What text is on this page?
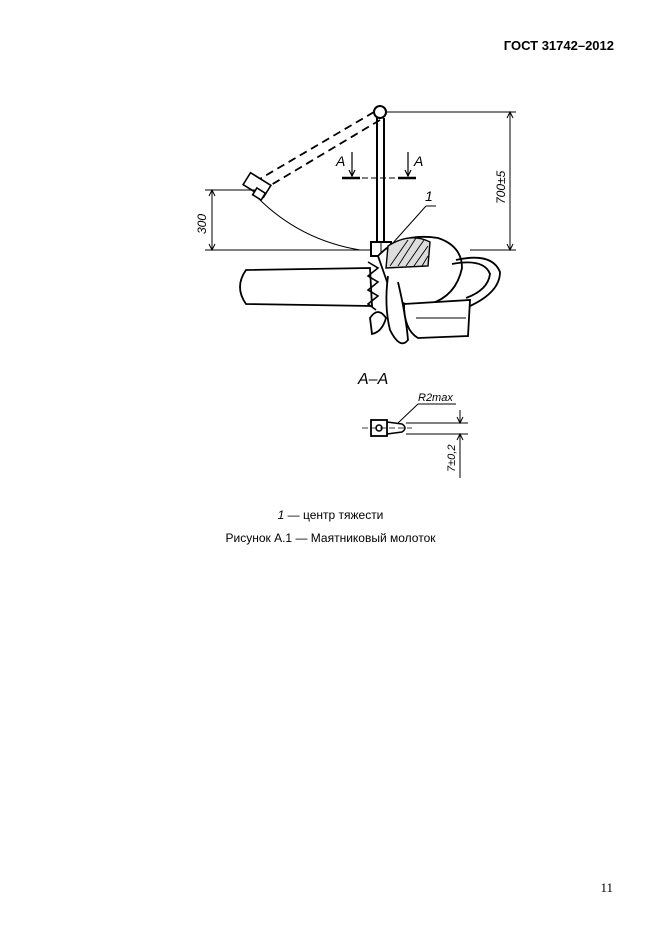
ГОСТ 31742–2012
300
700±5
A	A
1
A–A
R2max
7±0,2
1 — центр тяжести
Рисунок А.1 — Маятниковый молоток
11
